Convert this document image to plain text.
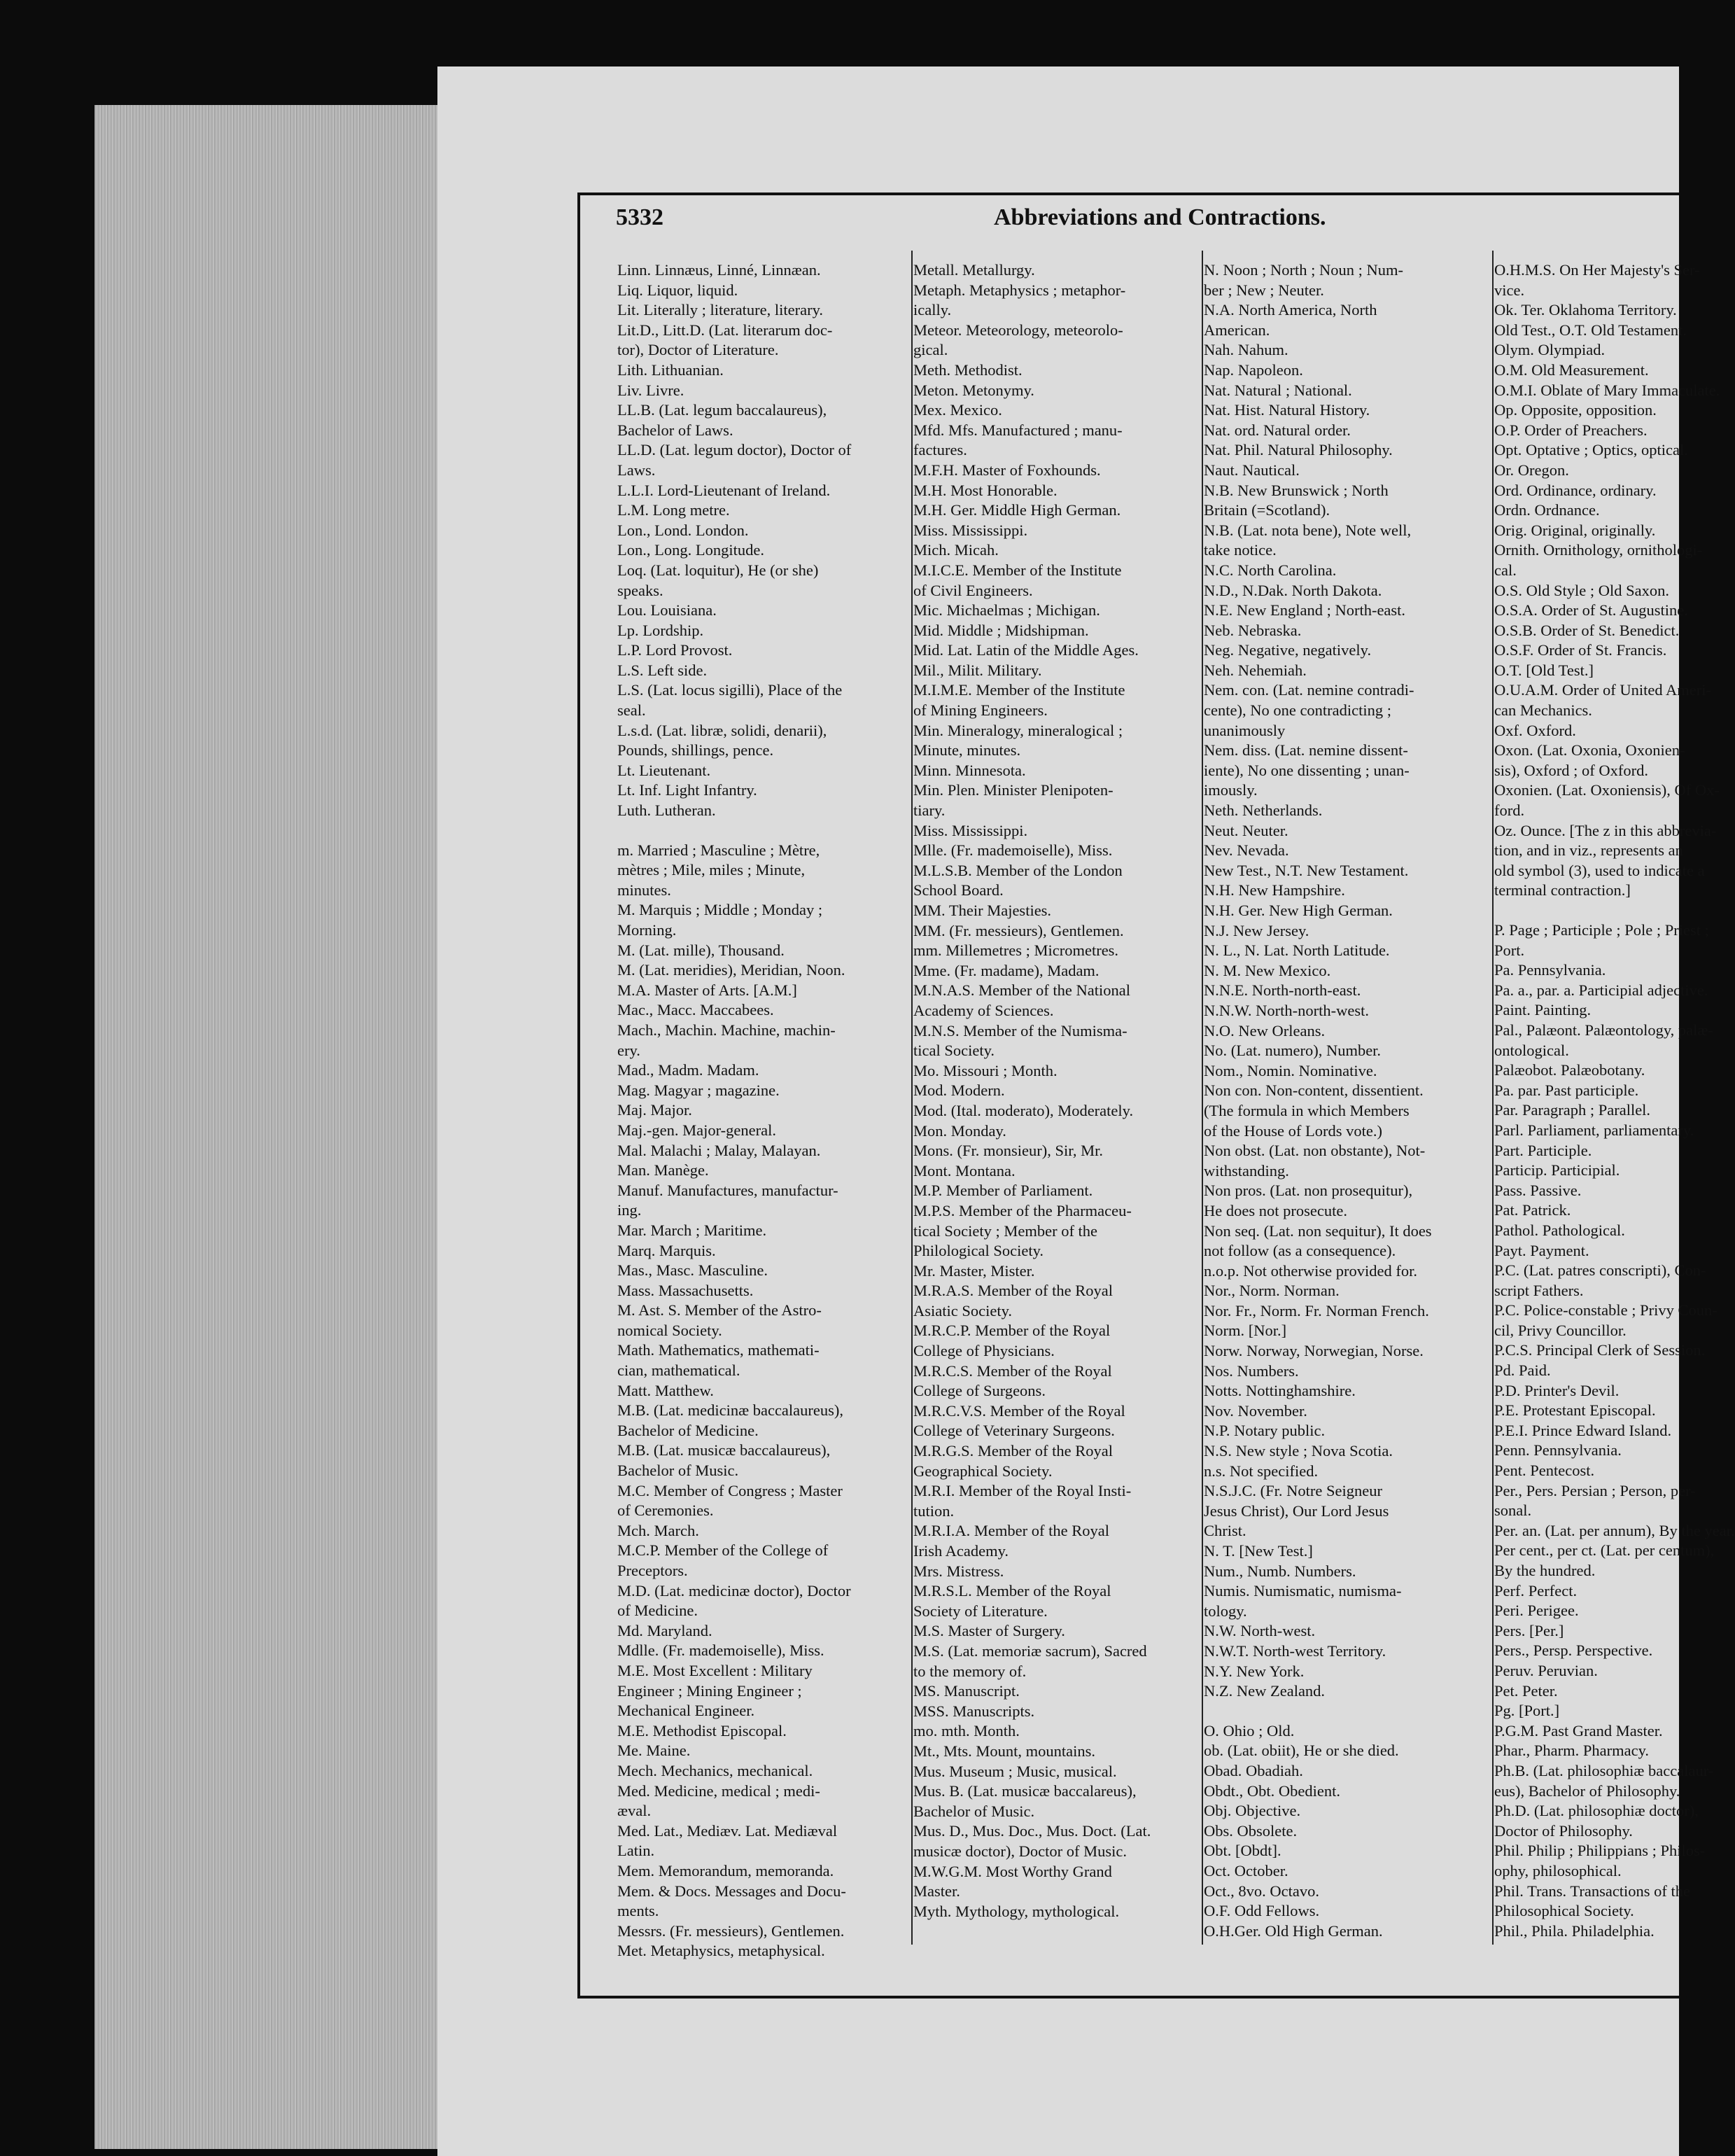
5332	Abbreviations and Contractions.

Linn. Linnæus, Linné, Linnæan.

Liq. Liquor, liquid.

Lit. Literally ; literature, literary.

Lit.D., Litt.D. (Lat. literarum doc-

tor), Doctor of Literature.

Lith. Lithuanian.

Liv. Livre.

LL.B. (Lat. legum baccalaureus),

Bachelor of Laws.

LL.D. (Lat. legum doctor), Doctor of

Laws.

L.L.I. Lord-Lieutenant of Ireland.

L.M. Long metre.

Lon., Lond. London.

Lon., Long. Longitude.

Loq. (Lat. loquitur), He (or she)

speaks.

Lou. Louisiana.

Lp. Lordship.

L.P. Lord Provost.

L.S. Left side.

L.S. (Lat. locus sigilli), Place of the

seal.

L.s.d. (Lat. libræ, solidi, denarii),

Pounds, shillings, pence.

Lt. Lieutenant.

Lt. Inf. Light Infantry.

Luth. Lutheran.

m. Married ; Masculine ; Mètre,

mètres ; Mile, miles ; Minute,

minutes.

M. Marquis ; Middle ; Monday ;

Morning.

M. (Lat. mille), Thousand.

M. (Lat. meridies), Meridian, Noon.

M.A. Master of Arts. [A.M.]

Mac., Macc. Maccabees.

Mach., Machin. Machine, machin-

ery.

Mad., Madm. Madam.

Mag. Magyar ; magazine.

Maj. Major.

Maj.-gen. Major-general.

Mal. Malachi ; Malay, Malayan.

Man. Manège.

Manuf. Manufactures, manufactur-

ing.

Mar. March ; Maritime.

Marq. Marquis.

Mas., Masc. Masculine.

Mass. Massachusetts.

M. Ast. S. Member of the Astro-

nomical Society.

Math. Mathematics, mathemati-

cian, mathematical.

Matt. Matthew.

M.B. (Lat. medicinæ baccalaureus),

Bachelor of Medicine.

M.B. (Lat. musicæ baccalaureus),

Bachelor of Music.

M.C. Member of Congress ; Master

of Ceremonies.

Mch. March.

M.C.P. Member of the College of

Preceptors.

M.D. (Lat. medicinæ doctor), Doctor

of Medicine.

Md. Maryland.

Mdlle. (Fr. mademoiselle), Miss.

M.E. Most Excellent : Military

Engineer ; Mining Engineer ;

Mechanical Engineer.

M.E. Methodist Episcopal.

Me. Maine.

Mech. Mechanics, mechanical.

Med. Medicine, medical ; medi-

æval.

Med. Lat., Mediæv. Lat. Mediæval

Latin.

Mem. Memorandum, memoranda.

Mem. & Docs. Messages and Docu-

ments.

Messrs. (Fr. messieurs), Gentlemen.

Met. Metaphysics, metaphysical.

Metall. Metallurgy.

Metaph. Metaphysics ; metaphor-

ically.

Meteor. Meteorology, meteorolo-

gical.

Meth. Methodist.

Meton. Metonymy.

Mex. Mexico.

Mfd. Mfs. Manufactured ; manu-

factures.

M.F.H. Master of Foxhounds.

M.H. Most Honorable.

M.H. Ger. Middle High German.

Miss. Mississippi.

Mich. Micah.

M.I.C.E. Member of the Institute

of Civil Engineers.

Mic. Michaelmas ; Michigan.

Mid. Middle ; Midshipman.

Mid. Lat. Latin of the Middle Ages.

Mil., Milit. Military.

M.I.M.E. Member of the Institute

of Mining Engineers.

Min. Mineralogy, mineralogical ;

Minute, minutes.

Minn. Minnesota.

Min. Plen. Minister Plenipoten-

tiary.

Miss. Mississippi.

Mlle. (Fr. mademoiselle), Miss.

M.L.S.B. Member of the London

School Board.

MM. Their Majesties.

MM. (Fr. messieurs), Gentlemen.

mm. Millemetres ; Micrometres.

Mme. (Fr. madame), Madam.

M.N.A.S. Member of the National

Academy of Sciences.

M.N.S. Member of the Numisma-

tical Society.

Mo. Missouri ; Month.

Mod. Modern.

Mod. (Ital. moderato), Moderately.

Mon. Monday.

Mons. (Fr. monsieur), Sir, Mr.

Mont. Montana.

M.P. Member of Parliament.

M.P.S. Member of the Pharmaceu-

tical Society ; Member of the

Philological Society.

Mr. Master, Mister.

M.R.A.S. Member of the Royal

Asiatic Society.

M.R.C.P. Member of the Royal

College of Physicians.

M.R.C.S. Member of the Royal

College of Surgeons.

M.R.C.V.S. Member of the Royal

College of Veterinary Surgeons.

M.R.G.S. Member of the Royal

Geographical Society.

M.R.I. Member of the Royal Insti-

tution.

M.R.I.A. Member of the Royal

Irish Academy.

Mrs. Mistress.

M.R.S.L. Member of the Royal

Society of Literature.

M.S. Master of Surgery.

M.S. (Lat. memoriæ sacrum), Sacred

to the memory of.

MS. Manuscript.

MSS. Manuscripts.

mo. mth. Month.

Mt., Mts. Mount, mountains.

Mus. Museum ; Music, musical.

Mus. B. (Lat. musicæ baccalareus),

Bachelor of Music.

Mus. D., Mus. Doc., Mus. Doct. (Lat.

musicæ doctor), Doctor of Music.

M.W.G.M. Most Worthy Grand

Master.

Myth. Mythology, mythological.

N. Noon ; North ; Noun ; Num-

ber ; New ; Neuter.

N.A. North America, North

American.

Nah. Nahum.

Nap. Napoleon.

Nat. Natural ; National.

Nat. Hist. Natural History.

Nat. ord. Natural order.

Nat. Phil. Natural Philosophy.

Naut. Nautical.

N.B. New Brunswick ; North

Britain (=Scotland).

N.B. (Lat. nota bene), Note well,

take notice.

N.C. North Carolina.

N.D., N.Dak. North Dakota.

N.E. New England ; North-east.

Neb. Nebraska.

Neg. Negative, negatively.

Neh. Nehemiah.

Nem. con. (Lat. nemine contradi-

cente), No one contradicting ;

unanimously

Nem. diss. (Lat. nemine dissent-

iente), No one dissenting ; unan-

imously.

Neth. Netherlands.

Neut. Neuter.

Nev. Nevada.

New Test., N.T. New Testament.

N.H. New Hampshire.

N.H. Ger. New High German.

N.J. New Jersey.

N. L., N. Lat. North Latitude.

N. M. New Mexico.

N.N.E. North-north-east.

N.N.W. North-north-west.

N.O. New Orleans.

No. (Lat. numero), Number.

Nom., Nomin. Nominative.

Non con. Non-content, dissentient.

(The formula in which Members

of the House of Lords vote.)

Non obst. (Lat. non obstante), Not-

withstanding.

Non pros. (Lat. non prosequitur),

He does not prosecute.

Non seq. (Lat. non sequitur), It does

not follow (as a consequence).

n.o.p. Not otherwise provided for.

Nor., Norm. Norman.

Nor. Fr., Norm. Fr. Norman French.

Norm. [Nor.]

Norw. Norway, Norwegian, Norse.

Nos. Numbers.

Notts. Nottinghamshire.

Nov. November.

N.P. Notary public.

N.S. New style ; Nova Scotia.

n.s. Not specified.

N.S.J.C. (Fr. Notre Seigneur

Jesus Christ), Our Lord Jesus

Christ.

N. T. [New Test.]

Num., Numb. Numbers.

Numis. Numismatic, numisma-

tology.

N.W. North-west.

N.W.T. North-west Territory.

N.Y. New York.

N.Z. New Zealand.

O. Ohio ; Old.

ob. (Lat. obiit), He or she died.

Obad. Obadiah.

Obdt., Obt. Obedient.

Obj. Objective.

Obs. Obsolete.

Obt. [Obdt].

Oct. October.

Oct., 8vo. Octavo.

O.F. Odd Fellows.

O.H.Ger. Old High German.

O.H.M.S. On Her Majesty's Ser-

vice.

Ok. Ter. Oklahoma Territory.

Old Test., O.T. Old Testament.

Olym. Olympiad.

O.M. Old Measurement.

O.M.I. Oblate of Mary Immaculate.

Op. Opposite, opposition.

O.P. Order of Preachers.

Opt. Optative ; Optics, optical.

Or. Oregon.

Ord. Ordinance, ordinary.

Ordn. Ordnance.

Orig. Original, originally.

Ornith. Ornithology, ornithologi-

cal.

O.S. Old Style ; Old Saxon.

O.S.A. Order of St. Augustine.

O.S.B. Order of St. Benedict.

O.S.F. Order of St. Francis.

O.T. [Old Test.]

O.U.A.M. Order of United Ameri-

can Mechanics.

Oxf. Oxford.

Oxon. (Lat. Oxonia, Oxonien-

sis), Oxford ; of Oxford.

Oxonien. (Lat. Oxoniensis), Of Ox-

ford.

Oz. Ounce. [The z in this abbrevia-

tion, and in viz., represents an

old symbol (3), used to indicate a

terminal contraction.]

P. Page ; Participle ; Pole ; Priest ;

Port.

Pa. Pennsylvania.

Pa. a., par. a. Participial adjective.

Paint. Painting.

Pal., Palæont. Palæontology, palæ-

ontological.

Palæobot. Palæobotany.

Pa. par. Past participle.

Par. Paragraph ; Parallel.

Parl. Parliament, parliamentary.

Part. Participle.

Particip. Participial.

Pass. Passive.

Pat. Patrick.

Pathol. Pathological.

Payt. Payment.

P.C. (Lat. patres conscripti), Con-

script Fathers.

P.C. Police-constable ; Privy Coun-

cil, Privy Councillor.

P.C.S. Principal Clerk of Session.

Pd. Paid.

P.D. Printer's Devil.

P.E. Protestant Episcopal.

P.E.I. Prince Edward Island.

Penn. Pennsylvania.

Pent. Pentecost.

Per., Pers. Persian ; Person, per-

sonal.

Per. an. (Lat. per annum), By the year.

Per cent., per ct. (Lat. per centum),

By the hundred.

Perf. Perfect.

Peri. Perigee.

Pers. [Per.]

Pers., Persp. Perspective.

Peruv. Peruvian.

Pet. Peter.

Pg. [Port.]

P.G.M. Past Grand Master.

Phar., Pharm. Pharmacy.

Ph.B. (Lat. philosophiæ baccalaur-

eus), Bachelor of Philosophy.

Ph.D. (Lat. philosophiæ doctor),

Doctor of Philosophy.

Phil. Philip ; Philippians ; Philos-

ophy, philosophical.

Phil. Trans. Transactions of the

Philosophical Society.

Phil., Phila. Philadelphia.
